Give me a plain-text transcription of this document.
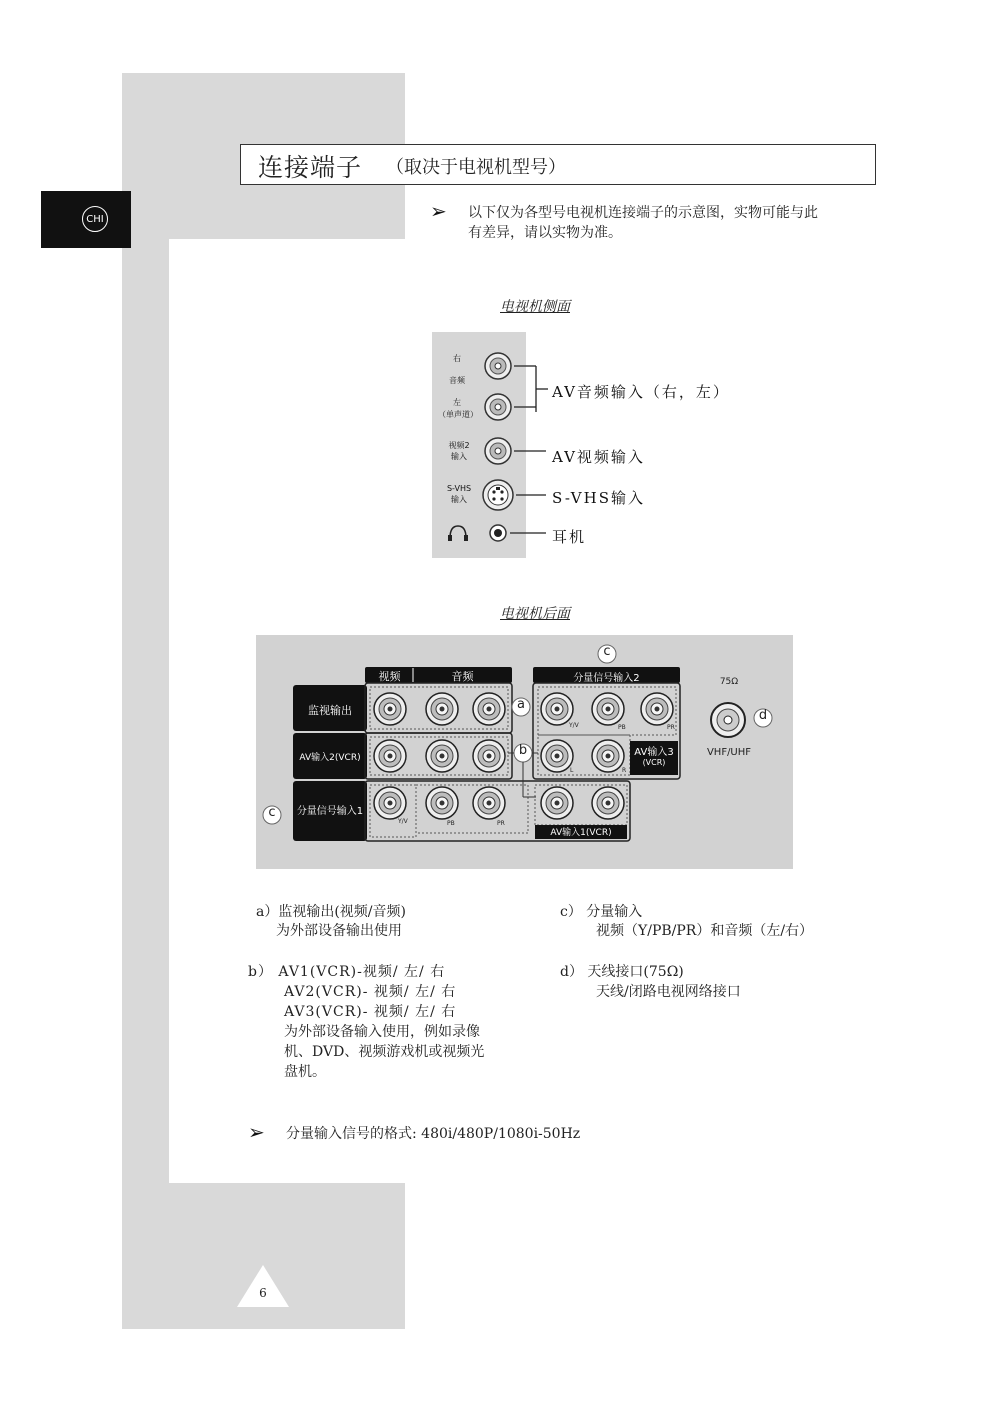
CHI
连接端子 （取决于电视机型号）
➢ 以下仅为各型号电视机连接端子的示意图，实物可能与此
有差异，请以实物为准。
电视机侧面
右
音频
左
（单声道）
视频2
输入
S-VHS
输入
AV音频输入（右，左）
AV视频输入
S-VHS输入
耳机
电视机后面
视频	音频	分量信号输入2
监视输出
AV输入2(VCR)
分量信号输入1
AV输入3
(VCR)
AV输入1(VCR)
75Ω
VHF/UHF
Y/V	PB	PR
Y/V	PB	PR
L	R
a
b
c
c
d
a）监视输出(视频/音频)
为外部设备输出使用
b） AV1(VCR)-视频/ 左/ 右
AV2(VCR)- 视频/ 左/ 右
AV3(VCR)- 视频/ 左/ 右
为外部设备输入使用，例如录像
机、DVD、视频游戏机或视频光
盘机。
c） 分量输入
视频（Y/PB/PR）和音频（左/右）
d） 天线接口(75Ω)
天线/闭路电视网络接口
➢ 分量输入信号的格式: 480i/480P/1080i-50Hz
6
